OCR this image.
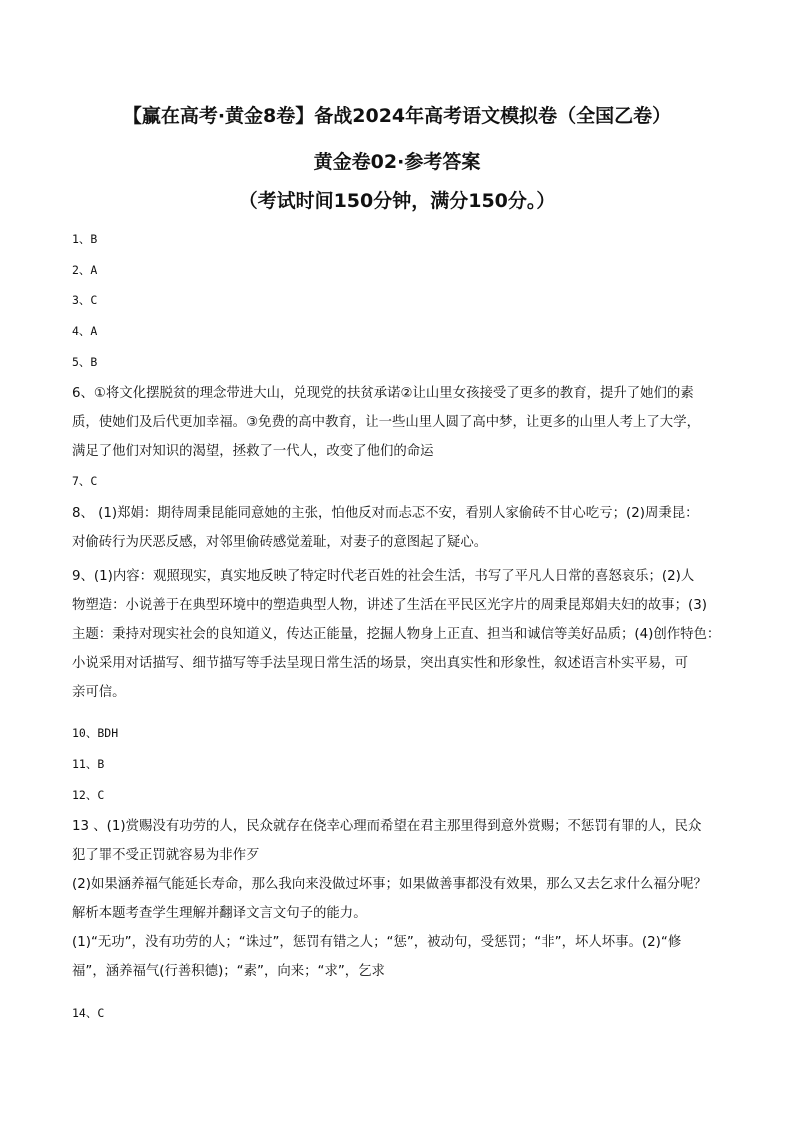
【赢在高考·黄金8卷】备战2024年高考语文模拟卷（全国乙卷）
黄金卷02·参考答案
（考试时间150分钟，满分150分。）
1、B
2、A
3、C
4、A
5、B
6、①将文化摆脱贫的理念带进大山，兑现党的扶贫承诺②让山里女孩接受了更多的教育，提升了她们的素
质，使她们及后代更加幸福。③免费的高中教育，让一些山里人圆了高中梦，让更多的山里人考上了大学，
满足了他们对知识的渴望，拯救了一代人，改变了他们的命运
7、C
8、 (1)郑娟：期待周秉昆能同意她的主张，怕他反对而忐忑不安，看别人家偷砖不甘心吃亏；(2)周秉昆：
对偷砖行为厌恶反感，对邻里偷砖感觉羞耻，对妻子的意图起了疑心。
9、(1)内容：观照现实，真实地反映了特定时代老百姓的社会生活，书写了平凡人日常的喜怒哀乐；(2)人
物塑造：小说善于在典型环境中的塑造典型人物，讲述了生活在平民区光字片的周秉昆郑娟夫妇的故事；(3)
主题：秉持对现实社会的良知道义，传达正能量，挖掘人物身上正直、担当和诚信等美好品质；(4)创作特色：
小说采用对话描写、细节描写等手法呈现日常生活的场景，突出真实性和形象性，叙述语言朴实平易，可
亲可信。
10、BDH
11、B
12、C
13 、(1)赏赐没有功劳的人，民众就存在侥幸心理而希望在君主那里得到意外赏赐；不惩罚有罪的人，民众
犯了罪不受正罚就容易为非作歹
(2)如果涵养福气能延长寿命，那么我向来没做过坏事；如果做善事都没有效果，那么又去乞求什么福分呢？
解析本题考查学生理解并翻译文言文句子的能力。
(1)“无功”，没有功劳的人；“诛过”，惩罚有错之人；“惩”，被动句，受惩罚；“非”，坏人坏事。(2)“修
福”，涵养福气(行善积德)；“素”，向来；“求”，乞求
14、C
